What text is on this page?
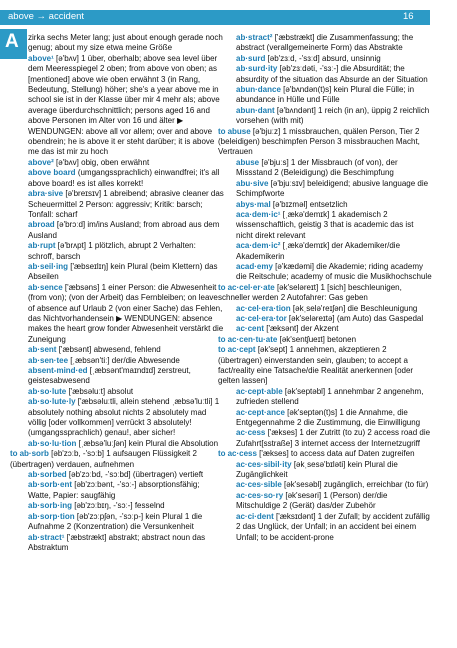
above → accident	16
A zirka sechs Meter lang; just about enough gerade noch genug; about my size etwa meine Größe

above¹ [ə'bʌv] 1 über, oberhalb; above sea level über dem Meeresspiegel 2 oben; from above von oben; as [mentioned] above wie oben erwähnt 3 (in Rang, Bedeutung, Stellung) höher; she's a year above me in school sie ist in der Klasse über mir 4 mehr als; above average überdurchschnittlich; persons aged 16 and above Personen im Alter von 16 und älter ▶ WENDUNGEN: above all vor allem; over and above obendrein; he is above it er steht darüber; it is above me das ist mir zu hoch

above² [ə'bʌv] obig, oben erwähnt

above board (umgangssprachlich) einwandfrei; it's all above board! es ist alles korrekt!

abra·sive [ə'breɪsɪv] 1 abreibend; abrasive cleaner das Scheuermittel 2 Person: aggressiv; Kritik: barsch; Tonfall: scharf

abroad [ə'brɔːd] im/ins Ausland; from abroad aus dem Ausland

ab·rupt [ə'brʌpt] 1 plötzlich, abrupt 2 Verhalten: schroff, barsch

ab·seil·ing ['æbseɪlɪŋ] kein Plural (beim Klettern) das Abseilen

ab·sence ['æbsəns] 1 einer Person: die Abwesenheit (from von); (von der Arbeit) das Fernbleiben; on leave of absence auf Urlaub 2 (von einer Sache) das Fehlen, das Nichtvorhandensein ▶ WENDUNGEN: absence makes the heart grow fonder Abwesenheit verstärkt die Zuneigung

ab·sent ['æbsənt] abwesend, fehlend

ab·sen·tee [ˌæbsən'tiː] der/die Abwesende

absent-mind·ed [ˌæbsənt'maɪndɪd] zerstreut, geistesabwesend

ab·so·lute ['æbsəluːt] absolut

ab·so·lute·ly ['æbsəluːtli, allein stehend ˌæbsə'luːtli] 1 absolutely nothing absolut nichts 2 absolutely mad völlig [oder vollkommen] verrückt 3 absolutely! (umgangssprachlich) genau!, aber sicher!

ab·so·lu·tion [ˌæbsə'luːʃən] kein Plural die Absolution

to ab·sorb [əb'zɔːb, -'sɔːb] 1 aufsaugen Flüssigkeit 2 (übertragen) verdauen, aufnehmen

ab·sorbed [əb'zɔːbd, -'sɔːbd] (übertragen) vertieft

ab·sorb·ent [əb'zɔːbənt, -'sɔː-] absorptionsfähig; Watte, Papier: saugfähig

ab·sorb·ing [əb'zɔːbɪŋ, -'sɔː-] fesselnd

ab·sorp·tion [əb'zɔːpʃən, -'sɔːp-] kein Plural 1 die Aufnahme 2 (Konzentration) die Versunkenheit

ab·stract¹ ['æbstrækt] abstrakt; abstract noun das Abstraktum

ab·stract² ['æbstrækt] die Zusammenfassung; the abstract (verallgemeinerte Form) das Abstrakte

ab·surd [əb'zɜːd, -'sɜːd] absurd, unsinnig

ab·surd·ity [əb'zɜːdəti, -'sɜː-] die Absurdität; the absurdity of the situation das Absurde an der Situation

abun·dance [ə'bʌndən(t)s] kein Plural die Fülle; in abundance in Hülle und Fülle

abun·dant [ə'bʌndənt] 1 reich (in an), üppig 2 reichlich vorsehen (with mit)

to abuse [ə'bjuːz] 1 missbrauchen, quälen Person, Tier 2 (beleidigen) beschimpfen Person 3 missbrauchen Macht, Vertrauen

abuse [ə'bjuːs] 1 der Missbrauch (of von), der Missstand 2 (Beleidigung) die Beschimpfung

abu·sive [ə'bjuːsɪv] beleidigend; abusive language die Schimpfworte

abys·mal [ə'bɪzməl] entsetzlich

aca·dem·ic¹ [ˌækə'demɪk] 1 akademisch 2 wissenschaftlich, geistig 3 that is academic das ist nicht direkt relevant

aca·dem·ic² [ˌækə'demɪk] der Akademiker/die Akademikerin

acad·emy [ə'kædəmi] die Akademie; riding academy die Reitschule; academy of music die Musikhochschule

to ac·cel·er·ate [ək'seləreɪt] 1 [sich] beschleunigen, schneller werden 2 Autofahrer: Gas geben

ac·cel·era·tion [əkˌselə'reɪʃən] die Beschleunigung

ac·cel·era·tor [ək'seləreɪtə] (am Auto) das Gaspedal

ac·cent ['æksənt] der Akzent

to ac·cen·tu·ate [ək'sentʃueɪt] betonen

to ac·cept [ək'sept] 1 annehmen, akzeptieren 2 (übertragen) einverstanden sein, glauben; to accept a fact/reality eine Tatsache/die Realität anerkennen [oder gelten lassen]

ac·cept·able [ək'septəbl] 1 annehmbar 2 angenehm, zufrieden stellend

ac·cept·ance [ək'septən(t)s] 1 die Annahme, die Entgegennahme 2 die Zustimmung, die Einwilligung

ac·cess ['ækses] 1 der Zutritt (to zu) 2 access road die Zufahrt[sstraße] 3 internet access der Internetzugriff

to ac·cess ['ækses] to access data auf Daten zugreifen

ac·ces·sibil·ity [əkˌsesə'bɪləti] kein Plural die Zugänglichkeit

ac·ces·sible [ək'sesəbl] zugänglich, erreichbar (to für)

ac·ces·so·ry [ək'sesəri] 1 (Person) der/die Mitschuldige 2 (Gerät) das/der Zubehör

ac·ci·dent ['æksɪdənt] 1 der Zufall; by accident zufällig 2 das Unglück, der Unfall; in an accident bei einem Unfall; to be accident-prone
